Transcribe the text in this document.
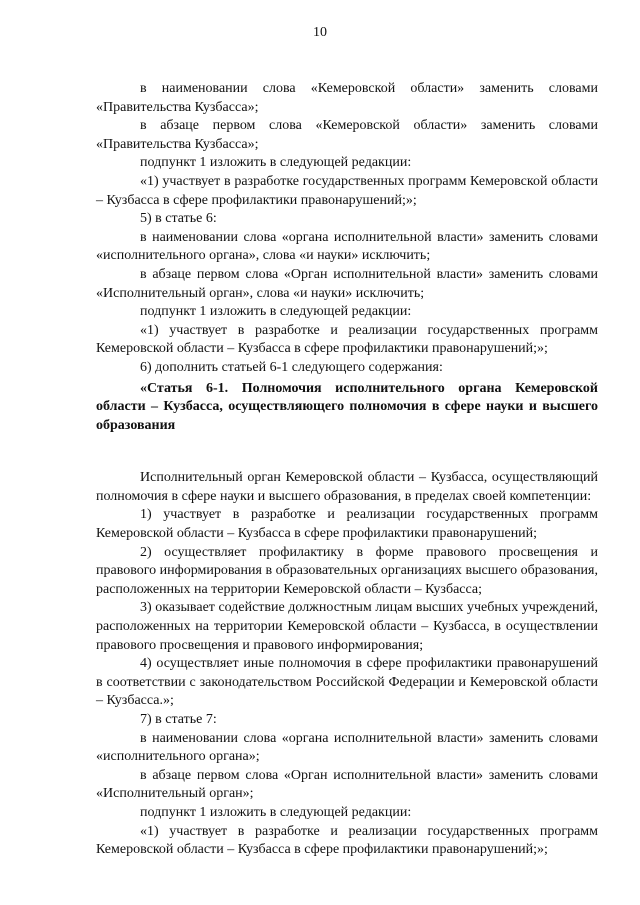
10

в наименовании слова «Кемеровской области» заменить словами «Правительства Кузбасса»;

в абзаце первом слова «Кемеровской области» заменить словами «Правительства Кузбасса»;

подпункт 1 изложить в следующей редакции:

«1) участвует в разработке государственных программ Кемеровской области – Кузбасса в сфере профилактики правонарушений;»;

5) в статье 6:

в наименовании слова «органа исполнительной власти» заменить словами «исполнительного органа», слова «и науки» исключить;

в абзаце первом слова «Орган исполнительной власти» заменить словами «Исполнительный орган», слова «и науки» исключить;

подпункт 1 изложить в следующей редакции:

«1) участвует в разработке и реализации государственных программ Кемеровской области – Кузбасса в сфере профилактики правонарушений;»;

6) дополнить статьей 6-1 следующего содержания:

«Статья 6-1. Полномочия исполнительного органа Кемеровской области – Кузбасса, осуществляющего полномочия в сфере науки и высшего образования

Исполнительный орган Кемеровской области – Кузбасса, осуществляющий полномочия в сфере науки и высшего образования, в пределах своей компетенции:

1) участвует в разработке и реализации государственных программ Кемеровской области – Кузбасса в сфере профилактики правонарушений;

2) осуществляет профилактику в форме правового просвещения и правового информирования в образовательных организациях высшего образования, расположенных на территории Кемеровской области – Кузбасса;

3) оказывает содействие должностным лицам высших учебных учреждений, расположенных на территории Кемеровской области – Кузбасса, в осуществлении правового просвещения и правового информирования;

4) осуществляет иные полномочия в сфере профилактики правонарушений в соответствии с законодательством Российской Федерации и Кемеровской области – Кузбасса.»;

7) в статье 7:

в наименовании слова «органа исполнительной власти» заменить словами «исполнительного органа»;

в абзаце первом слова «Орган исполнительной власти» заменить словами «Исполнительный орган»;

подпункт 1 изложить в следующей редакции:

«1) участвует в разработке и реализации государственных программ Кемеровской области – Кузбасса в сфере профилактики правонарушений;»;
